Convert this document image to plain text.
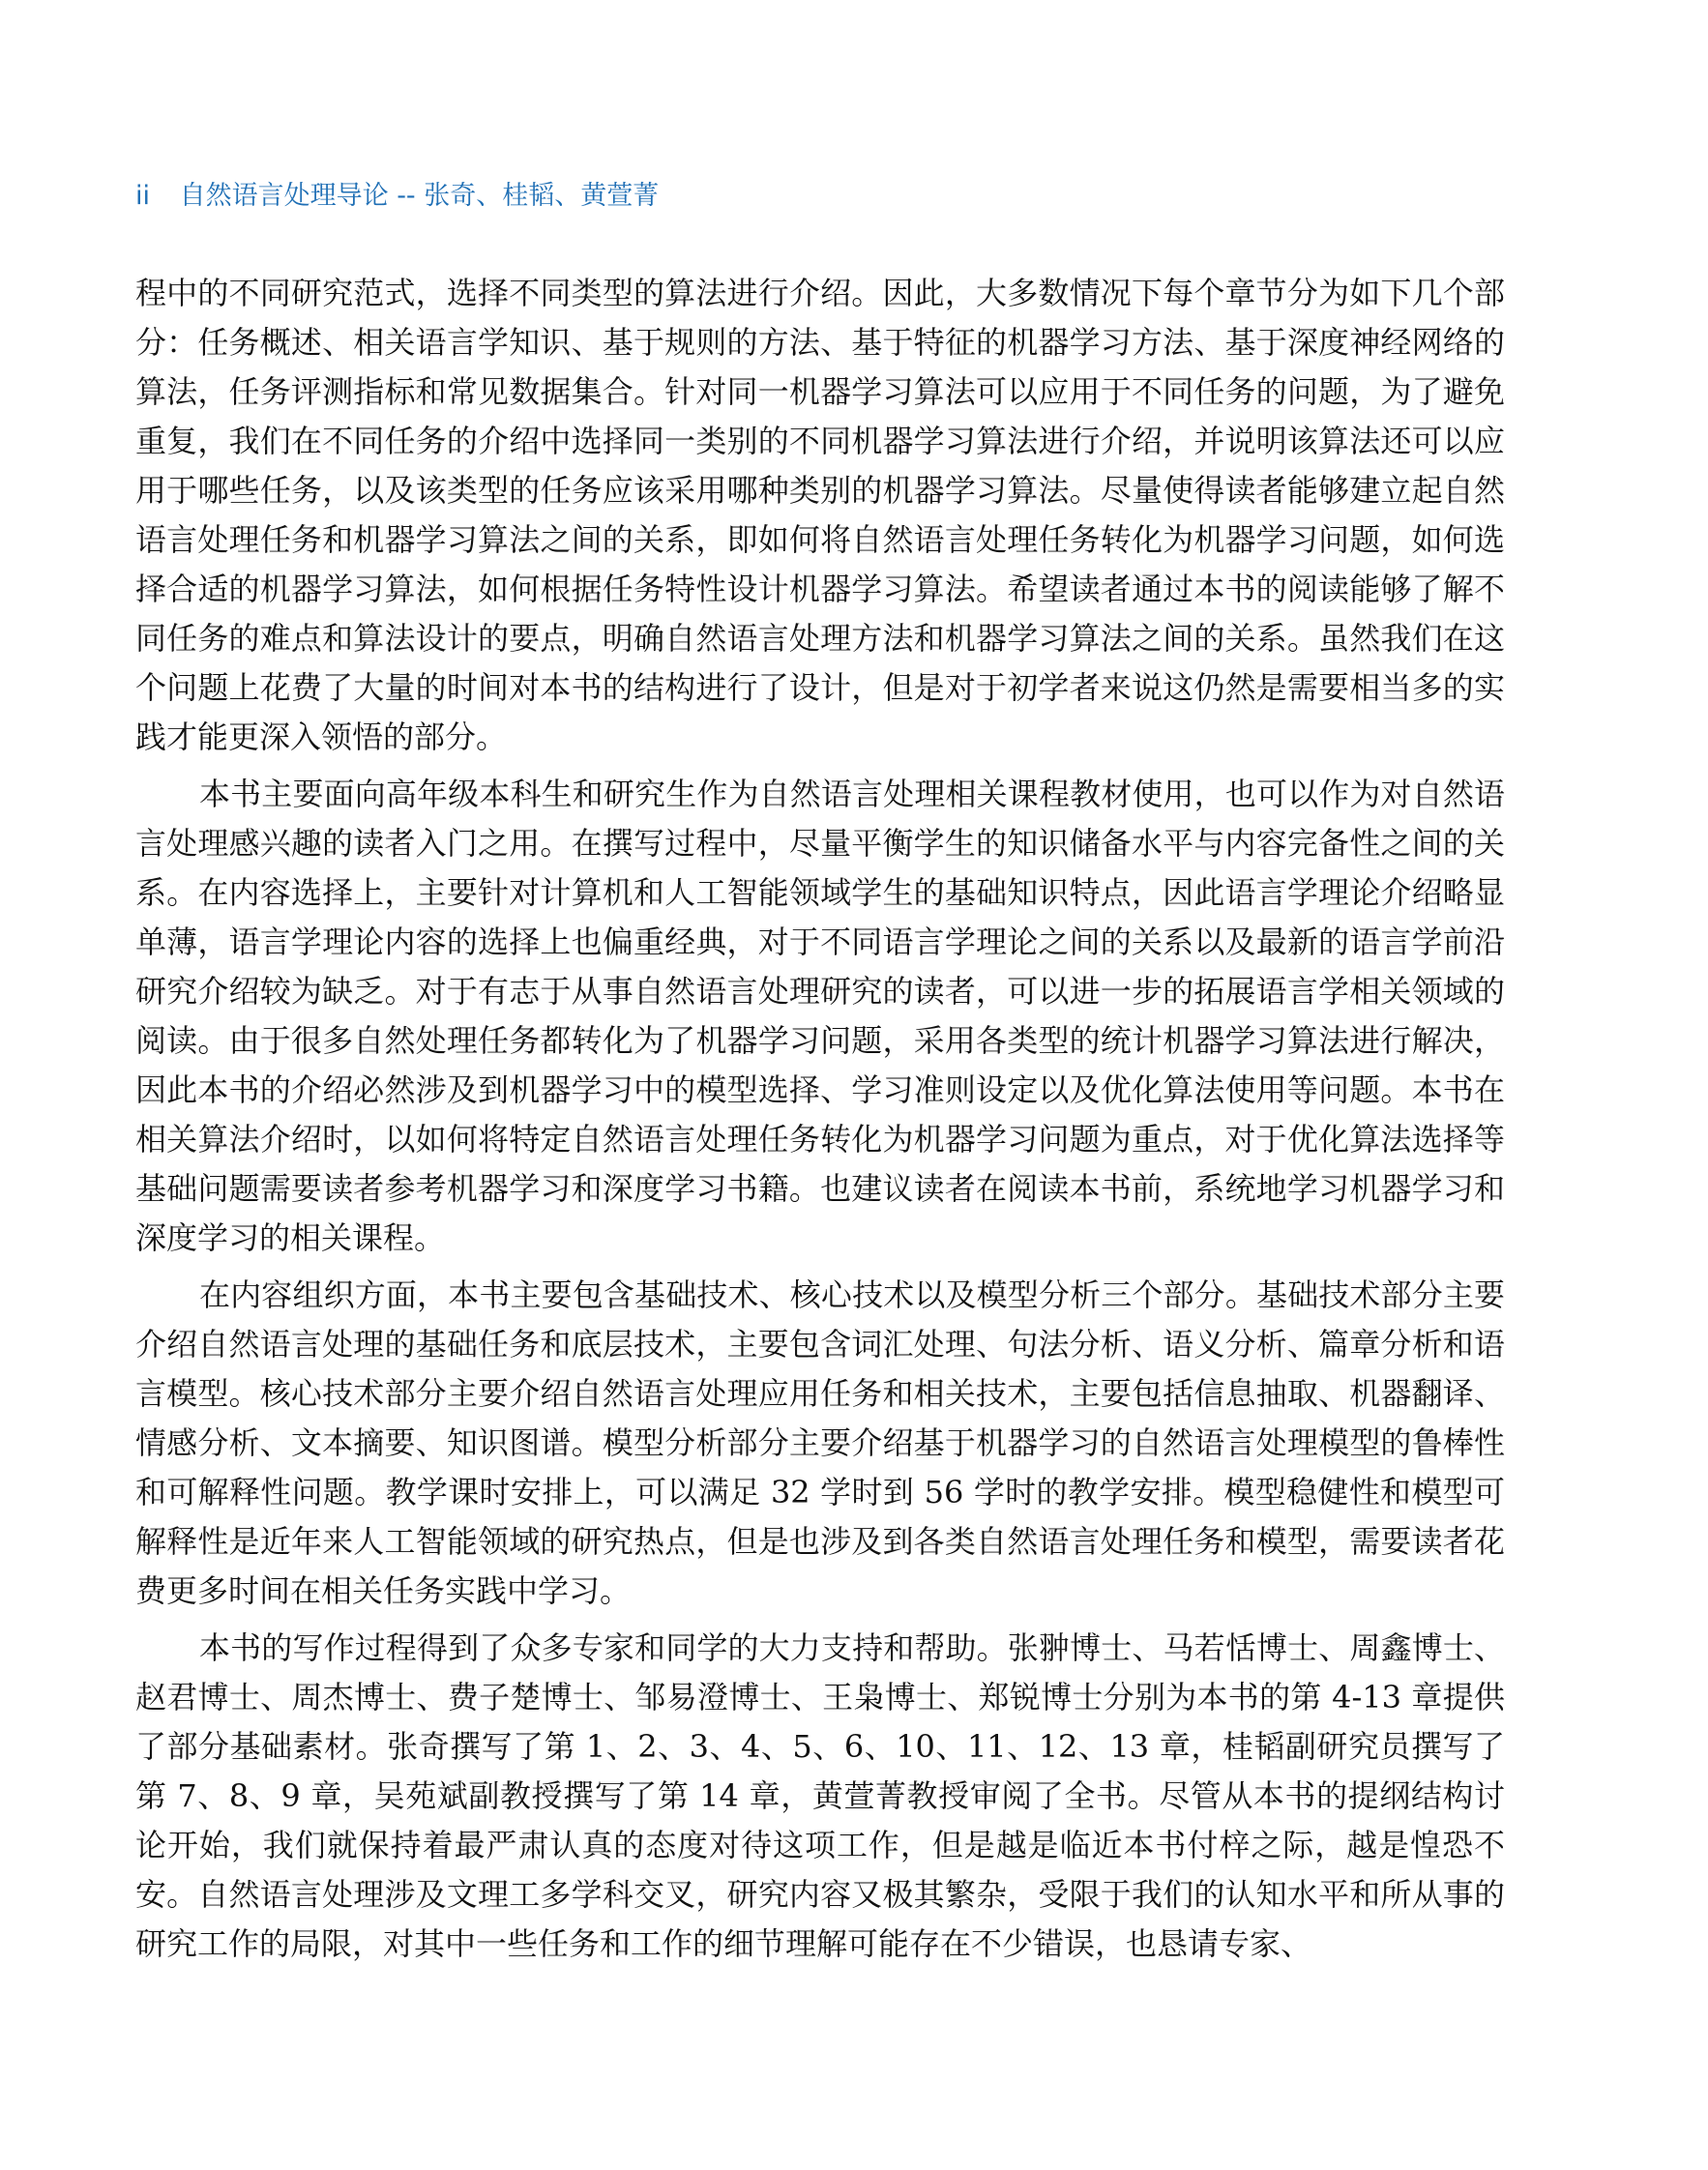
ii 自然语言处理导论 -- 张奇、桂韬、黄萱菁

程中的不同研究范式，选择不同类型的算法进行介绍。因此，大多数情况下每个章节分为如下几个部分：任务概述、相关语言学知识、基于规则的方法、基于特征的机器学习方法、基于深度神经网络的算法，任务评测指标和常见数据集合。针对同一机器学习算法可以应用于不同任务的问题，为了避免重复，我们在不同任务的介绍中选择同一类别的不同机器学习算法进行介绍，并说明该算法还可以应用于哪些任务，以及该类型的任务应该采用哪种类别的机器学习算法。尽量使得读者能够建立起自然语言处理任务和机器学习算法之间的关系，即如何将自然语言处理任务转化为机器学习问题，如何选择合适的机器学习算法，如何根据任务特性设计机器学习算法。希望读者通过本书的阅读能够了解不同任务的难点和算法设计的要点，明确自然语言处理方法和机器学习算法之间的关系。虽然我们在这个问题上花费了大量的时间对本书的结构进行了设计，但是对于初学者来说这仍然是需要相当多的实践才能更深入领悟的部分。

本书主要面向高年级本科生和研究生作为自然语言处理相关课程教材使用，也可以作为对自然语言处理感兴趣的读者入门之用。在撰写过程中，尽量平衡学生的知识储备水平与内容完备性之间的关系。在内容选择上，主要针对计算机和人工智能领域学生的基础知识特点，因此语言学理论介绍略显单薄，语言学理论内容的选择上也偏重经典，对于不同语言学理论之间的关系以及最新的语言学前沿研究介绍较为缺乏。对于有志于从事自然语言处理研究的读者，可以进一步的拓展语言学相关领域的阅读。由于很多自然处理任务都转化为了机器学习问题，采用各类型的统计机器学习算法进行解决，因此本书的介绍必然涉及到机器学习中的模型选择、学习准则设定以及优化算法使用等问题。本书在相关算法介绍时，以如何将特定自然语言处理任务转化为机器学习问题为重点，对于优化算法选择等基础问题需要读者参考机器学习和深度学习书籍。也建议读者在阅读本书前，系统地学习机器学习和深度学习的相关课程。

在内容组织方面，本书主要包含基础技术、核心技术以及模型分析三个部分。基础技术部分主要介绍自然语言处理的基础任务和底层技术，主要包含词汇处理、句法分析、语义分析、篇章分析和语言模型。核心技术部分主要介绍自然语言处理应用任务和相关技术，主要包括信息抽取、机器翻译、情感分析、文本摘要、知识图谱。模型分析部分主要介绍基于机器学习的自然语言处理模型的鲁棒性和可解释性问题。教学课时安排上，可以满足 32 学时到 56 学时的教学安排。模型稳健性和模型可解释性是近年来人工智能领域的研究热点，但是也涉及到各类自然语言处理任务和模型，需要读者花费更多时间在相关任务实践中学习。

本书的写作过程得到了众多专家和同学的大力支持和帮助。张翀博士、马若恬博士、周鑫博士、赵君博士、周杰博士、费子楚博士、邹易澄博士、王枭博士、郑锐博士分别为本书的第 4-13 章提供了部分基础素材。张奇撰写了第 1、2、3、4、5、6、10、11、12、13 章，桂韬副研究员撰写了第 7、8、9 章，吴苑斌副教授撰写了第 14 章，黄萱菁教授审阅了全书。尽管从本书的提纲结构讨论开始，我们就保持着最严肃认真的态度对待这项工作，但是越是临近本书付梓之际，越是惶恐不安。自然语言处理涉及文理工多学科交叉，研究内容又极其繁杂，受限于我们的认知水平和所从事的研究工作的局限，对其中一些任务和工作的细节理解可能存在不少错误，也恳请专家、
